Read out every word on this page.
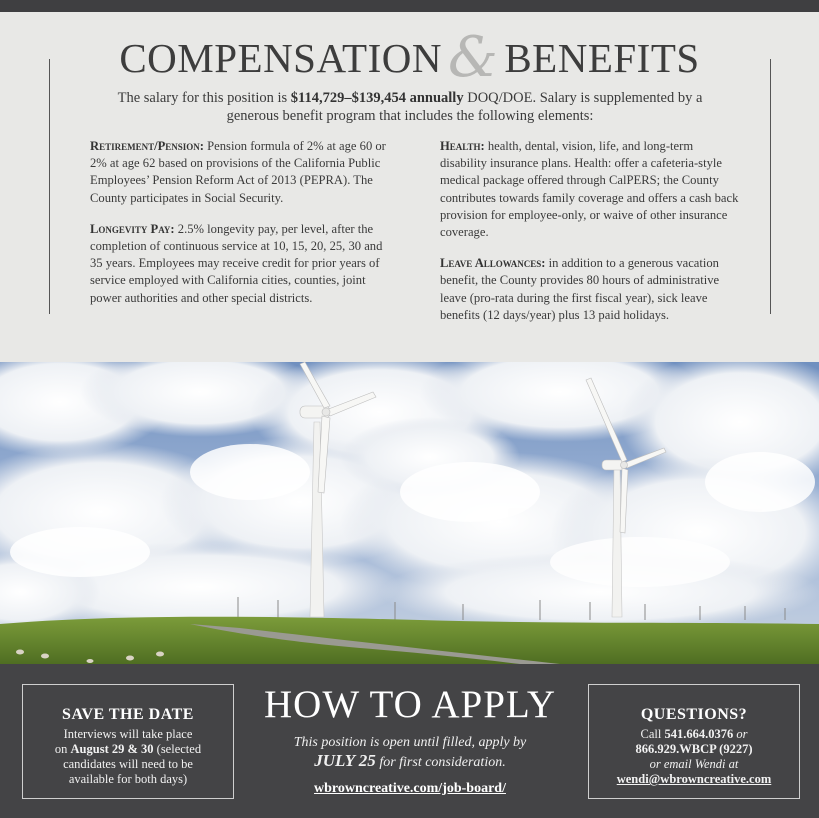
COMPENSATION & BENEFITS
The salary for this position is $114,729–$139,454 annually DOQ/DOE. Salary is supplemented by a generous benefit program that includes the following elements:

Retirement/Pension: Pension formula of 2% at age 60 or 2% at age 62 based on provisions of the California Public Employees’ Pension Reform Act of 2013 (PEPRA). The County participates in Social Security.

Longevity Pay: 2.5% longevity pay, per level, after the completion of continuous service at 10, 15, 20, 25, 30 and 35 years. Employees may receive credit for prior years of service employed with California cities, counties, joint power authorities and other special districts.

Health: health, dental, vision, life, and long-term disability insurance plans. Health: offer a cafeteria-style medical package offered through CalPERS; the County contributes towards family coverage and offers a cash back provision for employee-only, or waive of other insurance coverage.

Leave Allowances: in addition to a generous vacation benefit, the County provides 80 hours of administrative leave (pro-rata during the first fiscal year), sick leave benefits (12 days/year) plus 13 paid holidays.

SAVE THE DATE
Interviews will take place
on August 29 & 30 (selected
candidates will need to be
available for both days)
HOW TO APPLY
This position is open until filled, apply by
JULY 25 for first consideration.
wbrowncreative.com/job-board/
QUESTIONS?
Call 541.664.0376 or
866.929.WBCP (9227)
or email Wendi at
wendi@wbrowncreative.com
